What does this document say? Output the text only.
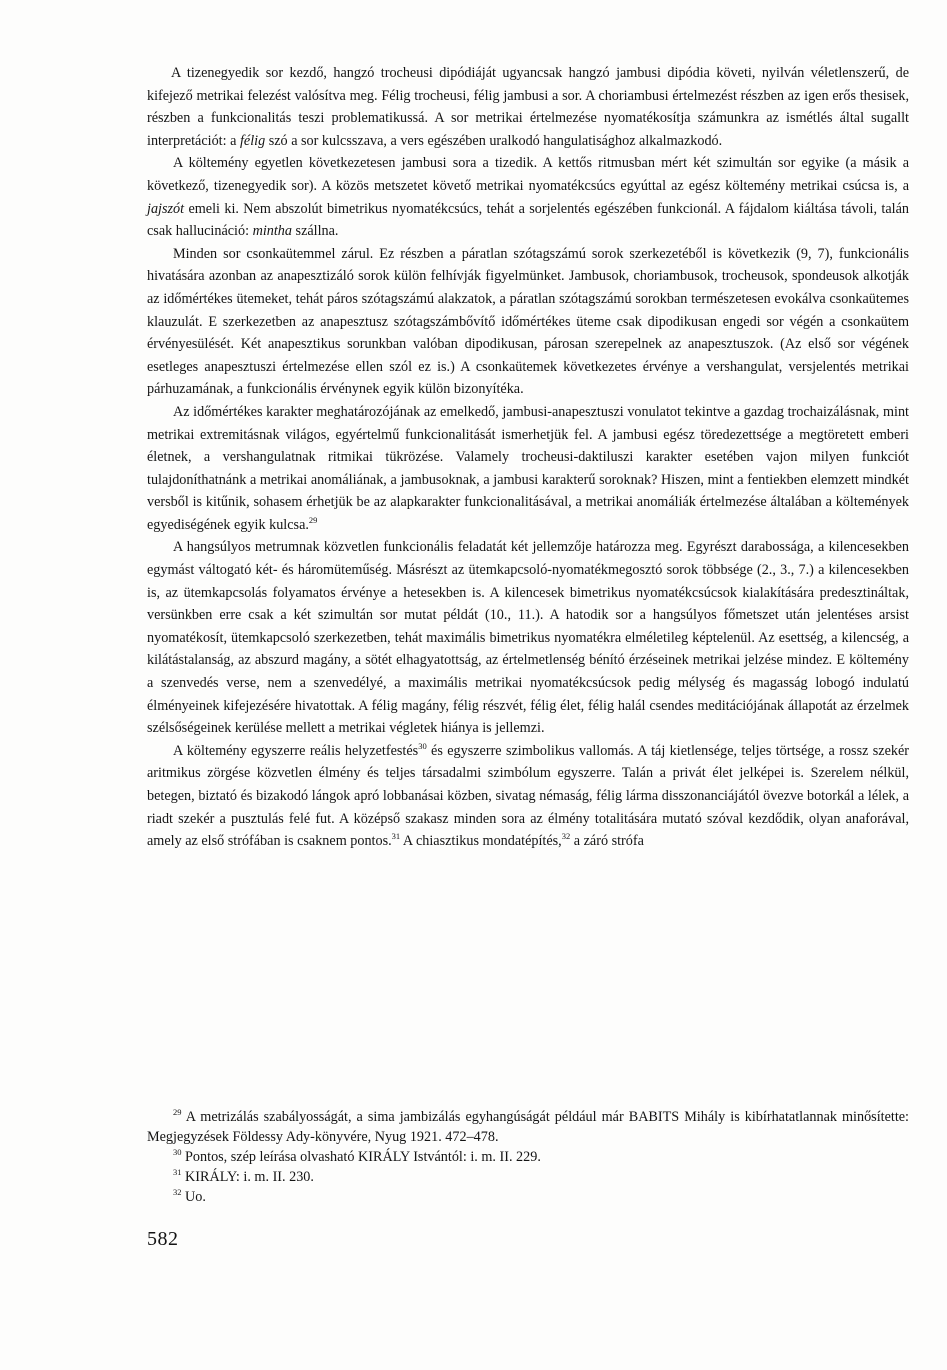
A tizenegyedik sor kezdő, hangzó trocheusi dipódiáját ugyancsak hangzó jambusi dipódia követi, nyilván véletlenszerű, de kifejező metrikai felezést valósítva meg. Félig trocheusi, félig jambusi a sor. A choriambusi értelmezést részben az igen erős thesisek, részben a funkcionalitás teszi problematikussá. A sor metrikai értelmezése nyomatékosítja számunkra az ismétlés által sugallt interpretációt: a félig szó a sor kulcsszava, a vers egészében uralkodó hangulatisághoz alkalmazkodó.

A költemény egyetlen következetesen jambusi sora a tizedik. A kettős ritmusban mért két szimultán sor egyike (a másik a következő, tizenegyedik sor). A közös metszetet követő metrikai nyomatékcsúcs egyúttal az egész költemény metrikai csúcsa is, a jajszót emeli ki. Nem abszolút bimetrikus nyomatékcsúcs, tehát a sorjelentés egészében funkcionál. A fájdalom kiáltása távoli, talán csak hallucináció: mintha szállna.

Minden sor csonkaütemmel zárul. Ez részben a páratlan szótagszámú sorok szerkezetéből is következik (9, 7), funkcionális hivatására azonban az anapesztizáló sorok külön felhívják figyelmünket. Jambusok, choriambusok, trocheusok, spondeusok alkotják az időmértékes ütemeket, tehát páros szótagszámú alakzatok, a páratlan szótagszámú sorokban természetesen evokálva csonkaütemes klauzulát. E szerkezetben az anapesztusz szótagszámbővítő időmértékes üteme csak dipodikusan engedi sor végén a csonkaütem érvényesülését. Két anapesztikus sorunkban valóban dipodikusan, párosan szerepelnek az anapesztuszok. (Az első sor végének esetleges anapesztuszi értelmezése ellen szól ez is.) A csonkaütemek következetes érvénye a vershangulat, versjelentés metrikai párhuzamának, a funkcionális érvénynek egyik külön bizonyítéka.

Az időmértékes karakter meghatározójának az emelkedő, jambusi-anapesztuszi vonulatot tekintve a gazdag trochaizálásnak, mint metrikai extremitásnak világos, egyértelmű funkcionalitását ismerhetjük fel. A jambusi egész töredezettsége a megtöretett emberi életnek, a vershangulatnak ritmikai tükrözése. Valamely trocheusi-daktiluszi karakter esetében vajon milyen funkciót tulajdoníthatnánk a metrikai anomáliának, a jambusoknak, a jambusi karakterű soroknak? Hiszen, mint a fentiekben elemzett mindkét versből is kitűnik, sohasem érhetjük be az alapkarakter funkcionalitásával, a metrikai anomáliák értelmezése általában a költemények egyediségének egyik kulcsa.$^{29}$

A hangsúlyos metrumnak közvetlen funkcionális feladatát két jellemzője határozza meg. Egyrészt darabossága, a kilencesekben egymást váltogató két- és háromüteműség. Másrészt az ütemkapcsoló-nyomatékmegosztó sorok többsége (2., 3., 7.) a kilencesekben is, az ütemkapcsolás folyamatos érvénye a hetesekben is. A kilencesek bimetrikus nyomatékcsúcsok kialakítására predesztináltak, versünkben erre csak a két szimultán sor mutat példát (10., 11.). A hatodik sor a hangsúlyos főmetszet után jelentéses arsist nyomatékosít, ütemkapcsoló szerkezetben, tehát maximális bimetrikus nyomatékra elméletileg képtelenül. Az esettség, a kilencség, a kilátástalanság, az abszurd magány, a sötét elhagyatottság, az értelmetlenség bénító érzéseinek metrikai jelzése mindez. E költemény a szenvedés verse, nem a szenvedélyé, a maximális metrikai nyomatékcsúcsok pedig mélység és magasság lobogó indulatú élményeinek kifejezésére hivatottak. A félig magány, félig részvét, félig élet, félig halál csendes meditációjának állapotát az érzelmek szélsőségeinek kerülése mellett a metrikai végletek hiánya is jellemzi.

A költemény egyszerre reális helyzetfestés$^{30}$ és egyszerre szimbolikus vallomás. A táj kietlensége, teljes törtsége, a rossz szekér aritmikus zörgése közvetlen élmény és teljes társadalmi szimbólum egyszerre. Talán a privát élet jelképei is. Szerelem nélkül, betegen, biztató és bizakodó lángok apró lobbanásai közben, sivatag némaság, félig lárma disszonanciájától övezve botorkál a lélek, a riadt szekér a pusztulás felé fut. A középső szakasz minden sora az élmény totalitására mutató szóval kezdődik, olyan anaforával, amely az első strófában is csaknem pontos.$^{31}$ A chiasztikus mondatépítés,$^{32}$ a záró strófa

$^{29}$ A metrizálás szabályosságát, a sima jambizálás egyhangúságát például már BABITS Mihály is kibírhatatlannak minősítette: Megjegyzések Földessy Ady-könyvére, Nyug 1921. 472–478.

$^{30}$ Pontos, szép leírása olvasható KIRÁLY Istvántól: i. m. II. 229.

$^{31}$ KIRÁLY: i. m. II. 230.

$^{32}$ Uo.

582
